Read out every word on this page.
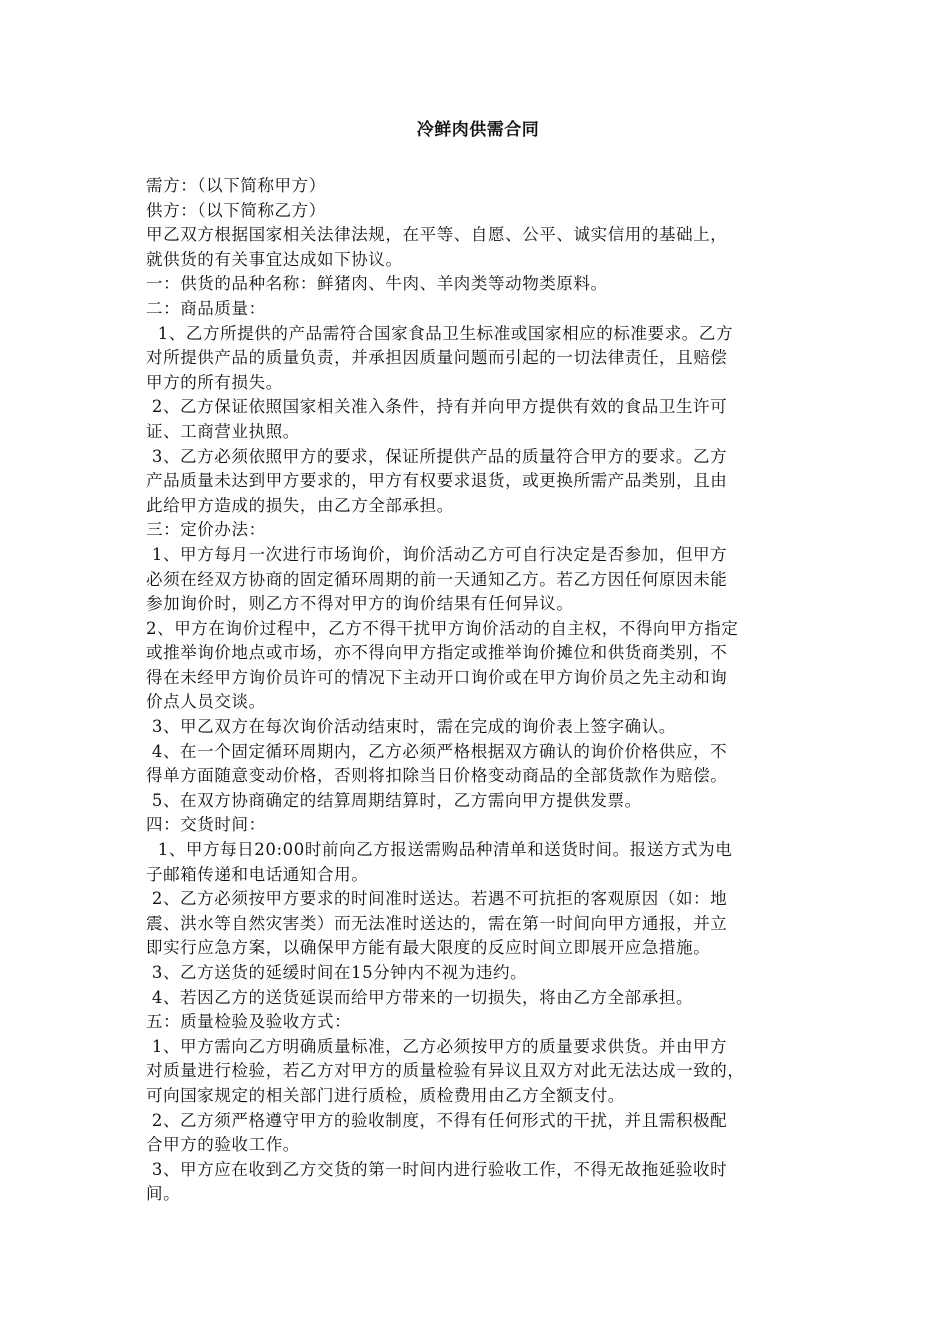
冷鲜肉供需合同

需方：（以下简称甲方）

供方：（以下简称乙方）

甲乙双方根据国家相关法律法规，在平等、自愿、公平、诚实信用的基础上，

就供货的有关事宜达成如下协议。

一：供货的品种名称：鲜猪肉、牛肉、羊肉类等动物类原料。

二：商品质量：

1、乙方所提供的产品需符合国家食品卫生标准或国家相应的标准要求。乙方

对所提供产品的质量负责，并承担因质量问题而引起的一切法律责任，且赔偿

甲方的所有损失。

2、乙方保证依照国家相关准入条件，持有并向甲方提供有效的食品卫生许可

证、工商营业执照。

3、乙方必须依照甲方的要求，保证所提供产品的质量符合甲方的要求。乙方

产品质量未达到甲方要求的，甲方有权要求退货，或更换所需产品类别，且由

此给甲方造成的损失，由乙方全部承担。

三：定价办法：

1、甲方每月一次进行市场询价，询价活动乙方可自行决定是否参加，但甲方

必须在经双方协商的固定循环周期的前一天通知乙方。若乙方因任何原因未能

参加询价时，则乙方不得对甲方的询价结果有任何异议。

2、甲方在询价过程中，乙方不得干扰甲方询价活动的自主权，不得向甲方指定

或推举询价地点或市场，亦不得向甲方指定或推举询价摊位和供货商类别，不

得在未经甲方询价员许可的情况下主动开口询价或在甲方询价员之先主动和询

价点人员交谈。

3、甲乙双方在每次询价活动结束时，需在完成的询价表上签字确认。

4、在一个固定循环周期内，乙方必须严格根据双方确认的询价价格供应，不

得单方面随意变动价格，否则将扣除当日价格变动商品的全部货款作为赔偿。

5、在双方协商确定的结算周期结算时，乙方需向甲方提供发票。

四：交货时间：

1、甲方每日20:00时前向乙方报送需购品种清单和送货时间。报送方式为电

子邮箱传递和电话通知合用。

2、乙方必须按甲方要求的时间准时送达。若遇不可抗拒的客观原因（如：地

震、洪水等自然灾害类）而无法准时送达的，需在第一时间向甲方通报，并立

即实行应急方案，以确保甲方能有最大限度的反应时间立即展开应急措施。

3、乙方送货的延缓时间在15分钟内不视为违约。

4、若因乙方的送货延误而给甲方带来的一切损失，将由乙方全部承担。

五：质量检验及验收方式：

1、甲方需向乙方明确质量标准，乙方必须按甲方的质量要求供货。并由甲方

对质量进行检验，若乙方对甲方的质量检验有异议且双方对此无法达成一致的，

可向国家规定的相关部门进行质检，质检费用由乙方全额支付。

2、乙方须严格遵守甲方的验收制度，不得有任何形式的干扰，并且需积极配

合甲方的验收工作。

3、甲方应在收到乙方交货的第一时间内进行验收工作，不得无故拖延验收时

间。
